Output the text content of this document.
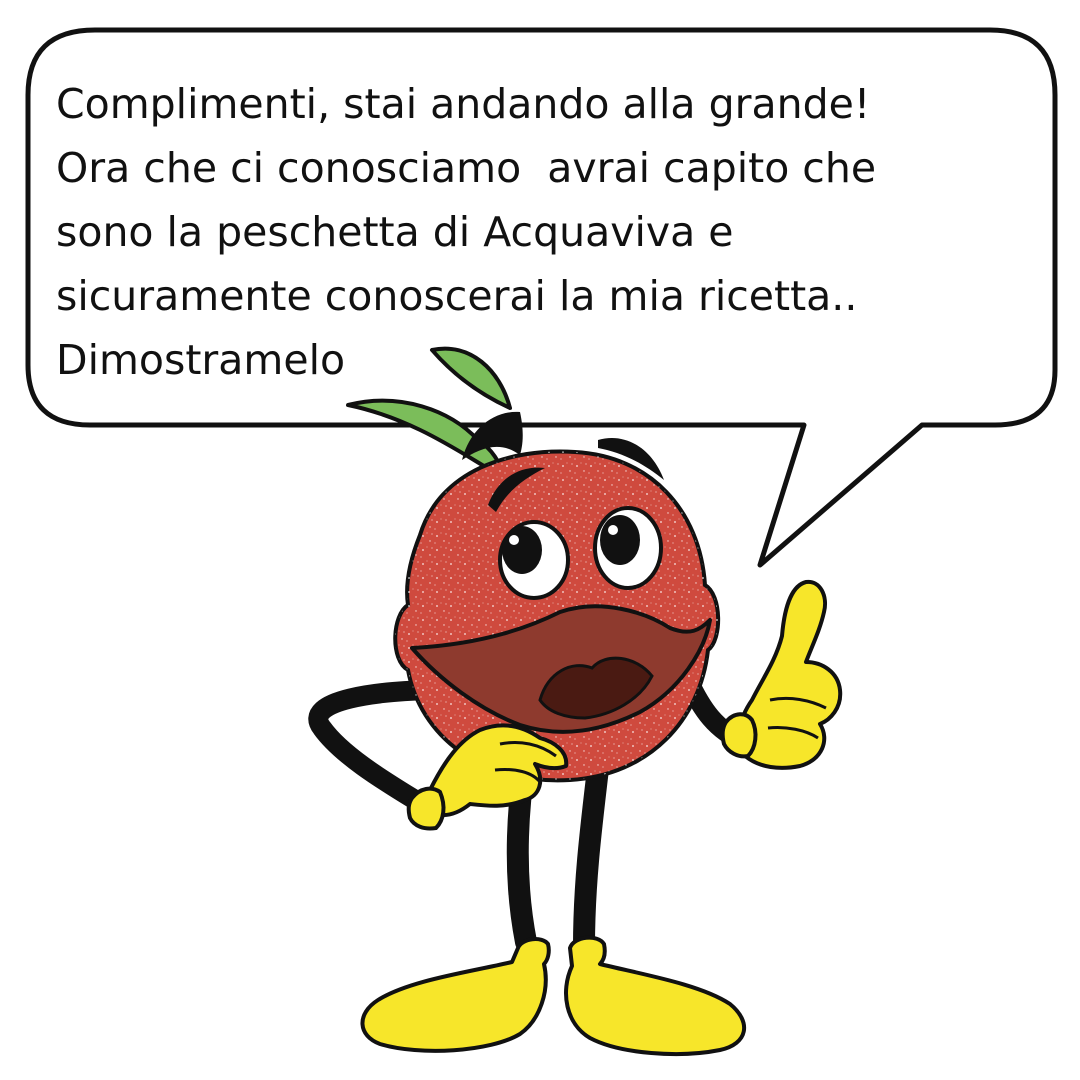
Complimenti, stai andando alla grande!
Ora che ci conosciamo  avrai capito che
sono la peschetta di Acquaviva e
sicuramente conoscerai la mia ricetta..
Dimostramelo
